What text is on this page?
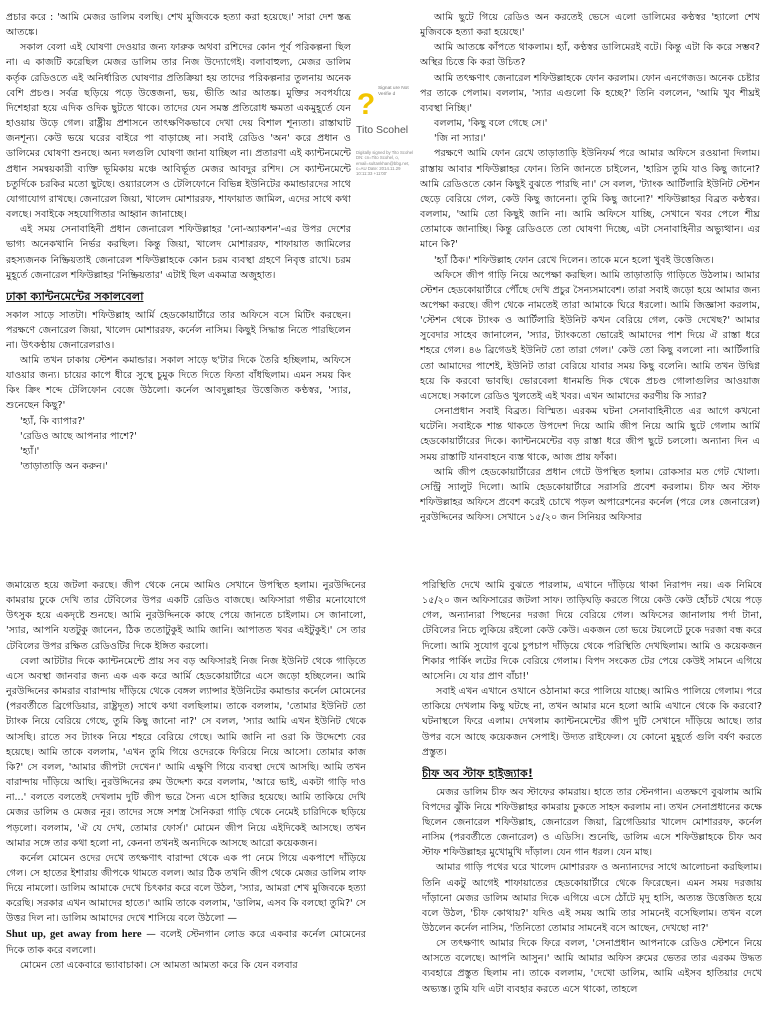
প্রচার করে : 'আমি মেজর ডালিম বলছি। শেখ মুজিবকে হত্যা করা হয়েছে।' সারা দেশ স্তব্ধ আতঙ্কে।

সকাল বেলা এই ঘোষণা দেওয়ার জন্য ফারুক অথবা রশিদের কোন পূর্ব পরিকল্পনা ছিল না। এ কাজটি করেছিল মেজর ডালিম তার নিজ উদ্যোগেই। বলাবাহুল্য, মেজর ডালিম কর্তৃক রেডিওতে এই অনির্ধারিত ঘোষণার প্রতিক্রিয়া হয় তাদের পরিকল্পনার তুলনায় অনেক বেশি প্রচণ্ড। সর্বত্র ছড়িয়ে পড়ে উত্তেজনা, ভয়, ভীতি আর আতঙ্ক। মুক্তির সবপর্যায়ে দিশেহারা হয়ে এদিক ওদিক ছুটতে থাকে। তাদের যেন সমস্ত প্রতিরোধ ক্ষমতা একমুহূর্তে যেন হাওয়ায় উড়ে গেল। রাষ্ট্রীয় প্রশাসনে তাৎক্ষণিকভাবে দেখা দেয় বিশাল শূন্যতা। রাস্তাঘাট জনশূন্য। কেউ ভয়ে ঘরের বাইরে পা বাড়াচ্ছে না। সবাই রেডিও 'অন' করে প্রধান ও ডালিমের ঘোষণা শুনছে। অন্য দলগুলি ঘোষণা জানা যাচ্ছিল না। প্রতারণা এই ক্যান্টনমেন্টে প্রধান সমন্বয়কারী ব্যক্তি ভূমিকায় মঞ্চে আবির্ভূত মেজর আবদুর রশিদ। সে ক্যান্টনমেন্টে চতুর্দিকে চরকির মতো ছুটছে। ওয়্যারলেস ও টেলিফোনে বিভিন্ন ইউনিটের কমান্ডারদের সাথে যোগাযোগ রাখছে। জেনারেল জিয়া, খালেদ মোশাররফ, শাফায়াত জামিল, এদের সাথে কথা বলছে। সবাইকে সহযোগিতার আহ্বান জানাচ্ছে।

এই সময় সেনাবাহিনী প্রধান জেনারেল শফিউল্লাহর 'নো-অ্যাকশন'-এর উপর দেশের ভাগ্য অনেকখানি নির্ভর করছিল। কিন্তু জিয়া, খালেদ মোশাররফ, শাফায়াত জামিলের রহস্যজনক নিষ্ক্রিয়তাই জেনারেল শফিউল্লাহকে কোন চরম ব্যবস্থা গ্রহণে নিবৃত্ত রাখে। চরম মুহূর্তে জেনারেল শফিউল্লাহর 'নিষ্ক্রিয়তার' এটাই ছিল একমাত্র অজুহাত।

ঢাকা ক্যান্টনমেন্টের সকালবেলা

সকাল সাড়ে সাতটা। শফিউল্লাহ আর্মি হেডকোয়ার্টারে তার অফিসে বসে মিটিং করছেন। পরক্ষণে জেনারেল জিয়া, খালেদ মোশাররফ, কর্নেল নাসিম। কিছুই সিদ্ধান্ত নিতে পারছিলেন না। উৎকণ্ঠায় জেনারেলরাও।

আমি তখন ঢাকায় স্টেশন কমান্ডার। সকাল সাড়ে ছ'টার দিকে তৈরি হচ্ছিলাম, অফিসে যাওয়ার জন্য। চায়ের কাপে ধীরে সুস্থে চুমুক দিতে দিতে ফিতা বাঁধছিলাম। এমন সময় কিং কিং ক্রিং শব্দে টেলিফোন বেজে উঠলো। কর্নেল আবদুল্লাহর উত্তেজিত কণ্ঠস্বর, 'স্যার, শুনেছেন কিছু?'

'হ্যাঁ, কি ব্যাপার?'

'রেডিও আছে আপনার পাশে?'

'হ্যাঁ।'

'তাড়াতাড়ি অন করুন।'

? Signat ure Not Verifie d
Tito Scohel
Digitally signed by Tito Scohel DN: cn=Tito Scohel, o, email=sultankhan@bbg.net, c=AU Date: 2014.11.29 10:11:33 +11'00'

আমি ছুটে গিয়ে রেডিও অন করতেই ভেসে এলো ডালিমের কণ্ঠস্বর 'হ্যালো শেখ মুজিবকে হত্যা করা হয়েছে।'

আমি আতঙ্কে কাঁপতে থাকলাম। হ্যাঁ, কণ্ঠস্বর ডালিমেরই বটে। কিন্তু এটা কি করে সম্ভব? অস্থির চিত্তে কি করা উচিত?

আমি তৎক্ষণাৎ জেনারেল শফিউল্লাহকে ফোন করলাম। ফোন এনগেজড। অনেক চেষ্টার পর তাকে পেলাম। বললাম, 'স্যার এগুলো কি হচ্ছে?' তিনি বললেন, 'আমি খুব শীঘ্রই ব্যবস্থা নিচ্ছি।'

বললাম, 'কিছু বলে গেছে সে।'

'জি না স্যার।'

পরক্ষণে আমি ফোন রেখে তাড়াতাড়ি ইউনিফর্ম পরে আমার অফিসে রওয়ানা দিলাম। রাস্তায় আবার শফিউল্লাহর ফোন। তিনি জানতে চাইলেন, 'হারিস তুমি যাও কিছু জানো? আমি রেডিওতে কোন কিছুই বুঝতে পারছি না।' সে বলল, 'ট্যাংক আর্টিলারি ইউনিট স্টেশন ছেড়ে বেরিয়ে গেল, কেউ কিছু জানেনা। তুমি কিছু জানো?' শফিউল্লাহর বিব্রত কণ্ঠস্বর। বললাম, 'আমি তো কিছুই জানি না। আমি অফিসে যাচ্ছি, সেখানে খবর পেলে শীঘ্র তোমাকে জানাচ্ছি। কিন্তু রেডিওতে তো ঘোষণা দিচ্ছে, এটা সেনাবাহিনীর অভ্যুত্থান। এর মানে কি?'

'হ্যাঁ ঠিক।' শফিউল্লাহ ফোন রেখে দিলেন। তাকে মনে হলো খুবই উত্তেজিত।

অফিসে জীপ গাড়ি নিয়ে অপেক্ষা করছিল। আমি তাড়াতাড়ি গাড়িতে উঠলাম। আমার স্টেশন হেডকোয়ার্টারে পৌঁছে দেখি প্রচুর সৈন্যসমাবেশ। তারা সবাই জড়ো হয়ে আমার জন্য অপেক্ষা করছে। জীপ থেকে নামতেই তারা আমাকে ঘিরে ধরলো। আমি জিজ্ঞাসা করলাম, 'স্টেশন থেকে ট্যাংক ও আর্টিলারি ইউনিট কখন বেরিয়ে গেল, কেউ দেখেছ?' আমার সুবেদার সাহেব জানালেন, 'স্যার, ট্যাংকতো ভোরেই আমাদের পাশ দিয়ে ঐ রাস্তা ধরে শহরে গেল। ৪৬ ব্রিগেডই ইউনিট তো তারা গেল।' কেউ তো কিছু বললো না। আর্টিলারি তো আমাদের পাশেই, ইউনিট তারা বেরিয়ে যাবার সময় কিছু বলেনি। আমি তখন উদ্বিগ্ন হয়ে কি করবো ভাবছি। ভোরবেলা ধানমন্ডি দিক থেকে প্রচণ্ড গোলাগুলির আওয়াজ এসেছে। সকালে রেডিও খুলতেই এই খবর। এখন আমাদের করণীয় কি স্যার?

সেনাপ্রধান সবাই বিব্রত। বিস্মিত। এরকম ঘটনা সেনাবাহিনীতে এর আগে কখনো ঘটেনি। সবাইকে শান্ত থাকতে উপদেশ দিয়ে আমি জীপ নিয়ে আমি ছুটে গেলাম আর্মি হেডকোয়ার্টারের দিকে। ক্যান্টনমেন্টের বড় রাস্তা ধরে জীপ ছুটে চললো। অন্যান্য দিন এ সময় রাস্তাটি যানবাহনে ব্যস্ত থাকে, আজ প্রায় ফাঁকা।

আমি জীপ হেডকোয়ার্টারের প্রধান গেটে উপস্থিত হলাম। রোকসার মত গেট খোলা। সেন্ট্রি স্যালুট দিলো। আমি হেডকোয়ার্টারে সরাসরি প্রবেশ করলাম। চীফ অব স্টাফ শফিউল্লাহর অফিসে প্রবেশ করেই চোখে পড়ল অপারেশনের কর্নেল (পরে লেঃ জেনারেল) নুরউদ্দিনের অফিস। সেখানে ১৫/২০ জন সিনিয়র অফিসার

জমায়েত হয়ে জটলা করছে। জীপ থেকে নেমে আমিও সেখানে উপস্থিত হলাম। নুরউদ্দিনের কামরায় ঢুকে দেখি তার টেবিলের উপর একটি রেডিও বাজছে। অফিসারা গভীর মনোযোগে উৎসুক হয়ে একদৃষ্টে শুনছে। আমি নুরউদ্দিনকে কাছে পেয়ে জানতে চাইলাম। সে জানালো, 'স্যার, আপনি যতটুকু জানেন, ঠিক ততোটুকুই আমি জানি। আপাতত খবর এইটুকুই।' সে তার টেবিলের উপর রক্ষিত রেডিওটির দিকে ইঙ্গিত করলো।

বেলা আটটার দিকে ক্যান্টনমেন্টে প্রায় সব বড় অফিসারই নিজ নিজ ইউনিট থেকে গাড়িতে এসে অবস্থা জানবার জন্য এক এক করে আর্মি হেডকোয়ার্টারে এসে জড়ো হচ্ছিলেন। আমি নুরউদ্দিনের কামরার বারান্দায় দাঁড়িয়ে থেকে বেঙ্গল ল্যান্সার ইউনিটের কমান্ডার কর্নেল মোমেনের (পরবর্তীতে ব্রিগেডিয়ার, রাষ্ট্রদূত) সাথে কথা বলছিলাম। তাকে বললাম, 'তোমার ইউনিট তো ট্যাংক নিয়ে বেরিয়ে গেছে, তুমি কিছু জানো না?' সে বলল, 'স্যার আমি এখন ইউনিট থেকে আসছি। রাতে সব ট্যাংক নিয়ে শহরে বেরিয়ে গেছে। আমি জানি না ওরা কি উদ্দেশ্যে বের হয়েছে। আমি তাকে বললাম, 'এখন তুমি গিয়ে ওদেরকে ফিরিয়ে নিয়ে আসো। তোমার কাজ কি?' সে বলল, 'আমার জীপটা দেখেন।' আমি এক্ষুণি গিয়ে ব্যবস্থা দেখে আসছি। আমি তখন বারান্দায় দাঁড়িয়ে আছি। নুরউদ্দিনের রুম উদ্দেশ্য করে বললাম, 'আরে ভাই, একটা গাড়ি দাও না...' বলতে বলতেই দেখলাম দুটি জীপ ভরে সৈন্য এসে হাজির হয়েছে। আমি তাকিয়ে দেখি মেজর ডালিম ও মেজর নূর। তাদের সঙ্গে সশস্ত্র সৈনিকরা গাড়ি থেকে নেমেই চারিদিকে ছড়িয়ে পড়লো। বললাম, 'ঐ যে দেখ, তোমার ফোর্স।' মোমেন জীপ নিয়ে এইদিকেই আসছে। তখন আমার সঙ্গে তার কথা হলো না, কেননা তখনই অন্যদিকে আসছে আরো কয়েকজন।

কর্নেল মোমেন ওদের দেখে তৎক্ষণাৎ বারান্দা থেকে এক পা নেমে গিয়ে একপাশে দাঁড়িয়ে গেল। সে হাতের ইশারায় জীপকে থামতে বলল। আর ঠিক তখনি জীপ থেকে মেজর ডালিম লাফ দিয়ে নামলো। ডালিম আমাকে দেখে চিৎকার করে বলে উঠল, 'স্যার, আমরা শেখ মুজিবকে হত্যা করেছি। সরকার এখন আমাদের হাতে।' আমি তাকে বললাম, 'ডালিম, এসব কি বলছো তুমি?' সে উত্তর দিল না। ডালিম আমাদের দেখে শাসিয়ে বলে উঠলো —

Shut up, get away from here — বলেই স্টেনগান লোড করে একবার কর্নেল মোমেনের দিকে তাক করে বললো।

মোমেন তো একেবারে ভ্যাবাচাকা। সে আমতা আমতা করে কি যেন বলবার

পরিস্থিতি দেখে আমি বুঝতে পারলাম, এখানে দাঁড়িয়ে থাকা নিরাপদ নয়। এক নিমিষে ১৫/২০ জন অফিসারের জটলা সাফ। তাড়িঘড়ি করতে গিয়ে কেউ কেউ হোঁচট খেয়ে পড়ে গেল, অন্যান্যরা পিছনের দরজা দিয়ে বেরিয়ে গেল। অফিসের জানালায় পর্দা টানা, টেবিলের নিচে লুকিয়ে রইলো কেউ কেউ। একজন তো ভয়ে টয়লেটে ঢুকে দরজা বন্ধ করে দিলো। আমি সুযোগ বুঝে চুপচাপ দাঁড়িয়ে থেকে পরিস্থিতি দেখছিলাম। আমি ও কয়েকজন শিকার পার্কিং লটের দিকে বেরিয়ে গেলাম। বিপদ সংকেত টের পেয়ে কেউই সামনে এগিয়ে আসেনি। যে যার প্রাণ বাঁচা!'

সবাই এখন এখানে ওখানে ওঠানামা করে পালিয়ে যাচ্ছে। আমিও পালিয়ে গেলাম। পরে তাকিয়ে দেখলাম কিছু ঘটছে না, তখন আমার মনে হলো আমি এখানে থেকে কি করবো? ঘটনাস্থলে ফিরে এলাম। দেখলাম ক্যান্টনমেন্টের জীপ দুটি সেখানে দাঁড়িয়ে আছে। তার উপর বসে আছে কয়েকজন সেপাই। উদ্যত রাইফেল। যে কোনো মুহূর্তে গুলি বর্ষণ করতে প্রস্তুত।

চীফ অব স্টাফ হাইজ্যাক!

মেজর ডালিম চীফ অব স্টাফের কামরায়। হাতে তার স্টেনগান। এতক্ষণে বুঝলাম আমি বিপদের ঝুঁকি নিয়ে শফিউল্লাহর কামরায় ঢুকতে সাহস করলাম না। তখন সেনাপ্রধানের কক্ষে ছিলেন জেনারেল শফিউল্লাহ, জেনারেল জিয়া, ব্রিগেডিয়ার খালেদ মোশাররফ, কর্নেল নাসিম (পরবর্তীতে জেনারেল) ও এডিসি। শুনেছি, ডালিম এসে শফিউল্লাহকে চীফ অব স্টাফ শফিউল্লাহর মুখোমুখি দাঁড়াল। যেন গান ধরল। যেন মাছ।

আমার গাড়ি পথের ঘরে খালেদ মোশাররফ ও অন্যান্যদের সাথে আলোচনা করছিলাম। তিনি একটু আগেই শাফায়াতের হেডকোয়ার্টারে থেকে ফিরেছেন। এমন সময় দরজায় দাঁড়ানো মেজর ডালিম আমার দিকে এগিয়ে এসে ঠোঁটে মৃদু হাসি, অত্যন্ত উত্তেজিত হয়ে বলে উঠল, 'চীফ কোথায়?' যদিও এই সময় আমি তার সামনেই বসেছিলাম। তখন বলে উঠলেন কর্নেল নাসিম, 'তিনিতো তোমার সামনেই বসে আছেন, দেখছো না?'

সে তৎক্ষণাৎ আমার দিকে ফিরে বলল, 'সেনাপ্রধান আপনাকে রেডিও স্টেশনে নিয়ে আসতে বলেছে। আপনি আসুন।' আমি আমার অফিস রুমের ভেতর তার এরকম উদ্ধত ব্যবহারে প্রস্তুত ছিলাম না। তাকে বললাম, 'দেখো ডালিম, আমি এইসব হাতিয়ার দেখে অভ্যস্ত। তুমি যদি এটা ব্যবহার করতে এসে থাকো, তাহলে
